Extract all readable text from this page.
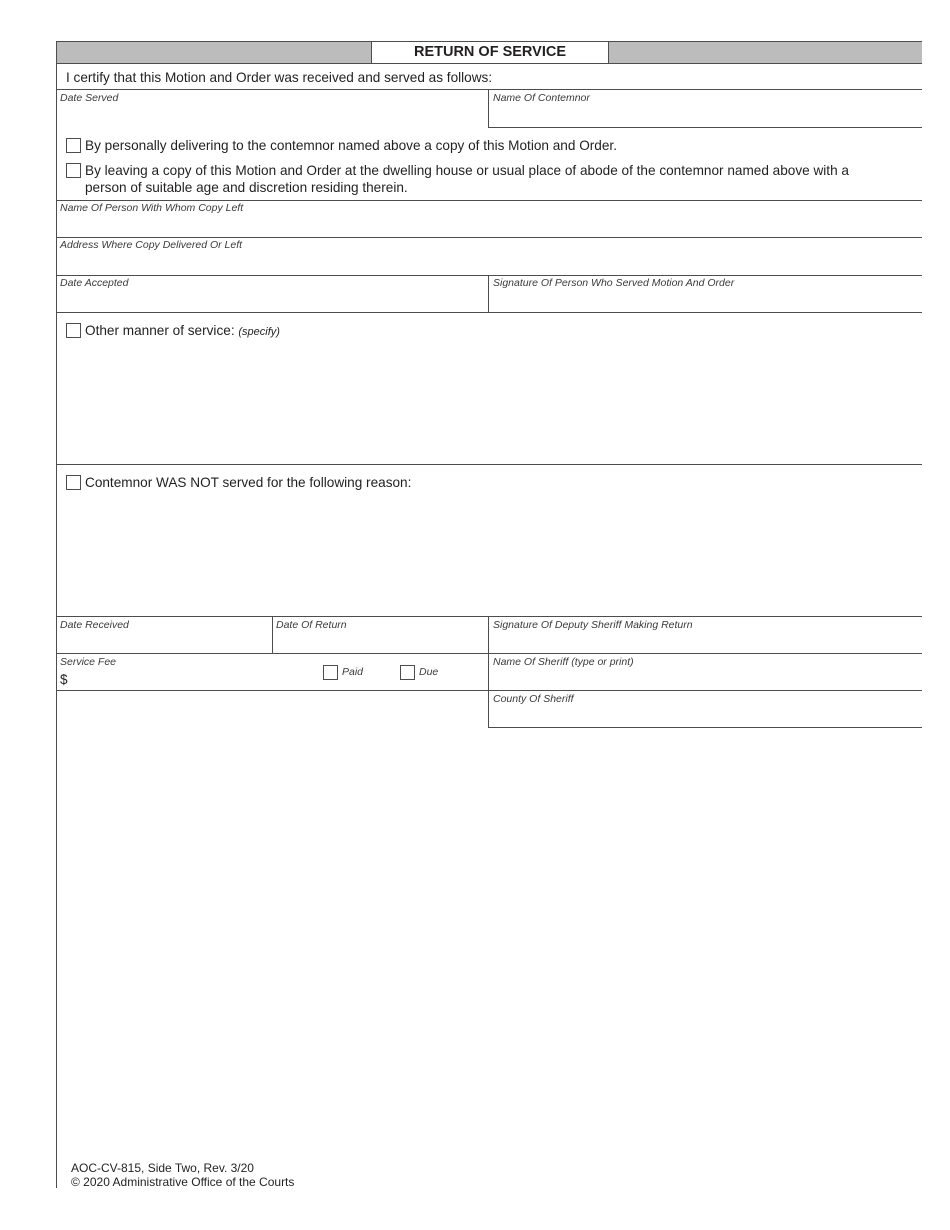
RETURN OF SERVICE
I certify that this Motion and Order was received and served as follows:
Date Served	Name Of Contemnor
By personally delivering to the contemnor named above a copy of this Motion and Order.
By leaving a copy of this Motion and Order at the dwelling house or usual place of abode of the contemnor named above with a person of suitable age and discretion residing therein.
Name Of Person With Whom Copy Left
Address Where Copy Delivered Or Left
Date Accepted	Signature Of Person Who Served Motion And Order
Other manner of service: (specify)
Contemnor WAS NOT served for the following reason:
Date Received	Date Of Return	Signature Of Deputy Sheriff Making Return
Service Fee
$	Paid	Due
Name Of Sheriff (type or print)
County Of Sheriff
AOC-CV-815, Side Two, Rev. 3/20
© 2020 Administrative Office of the Courts
